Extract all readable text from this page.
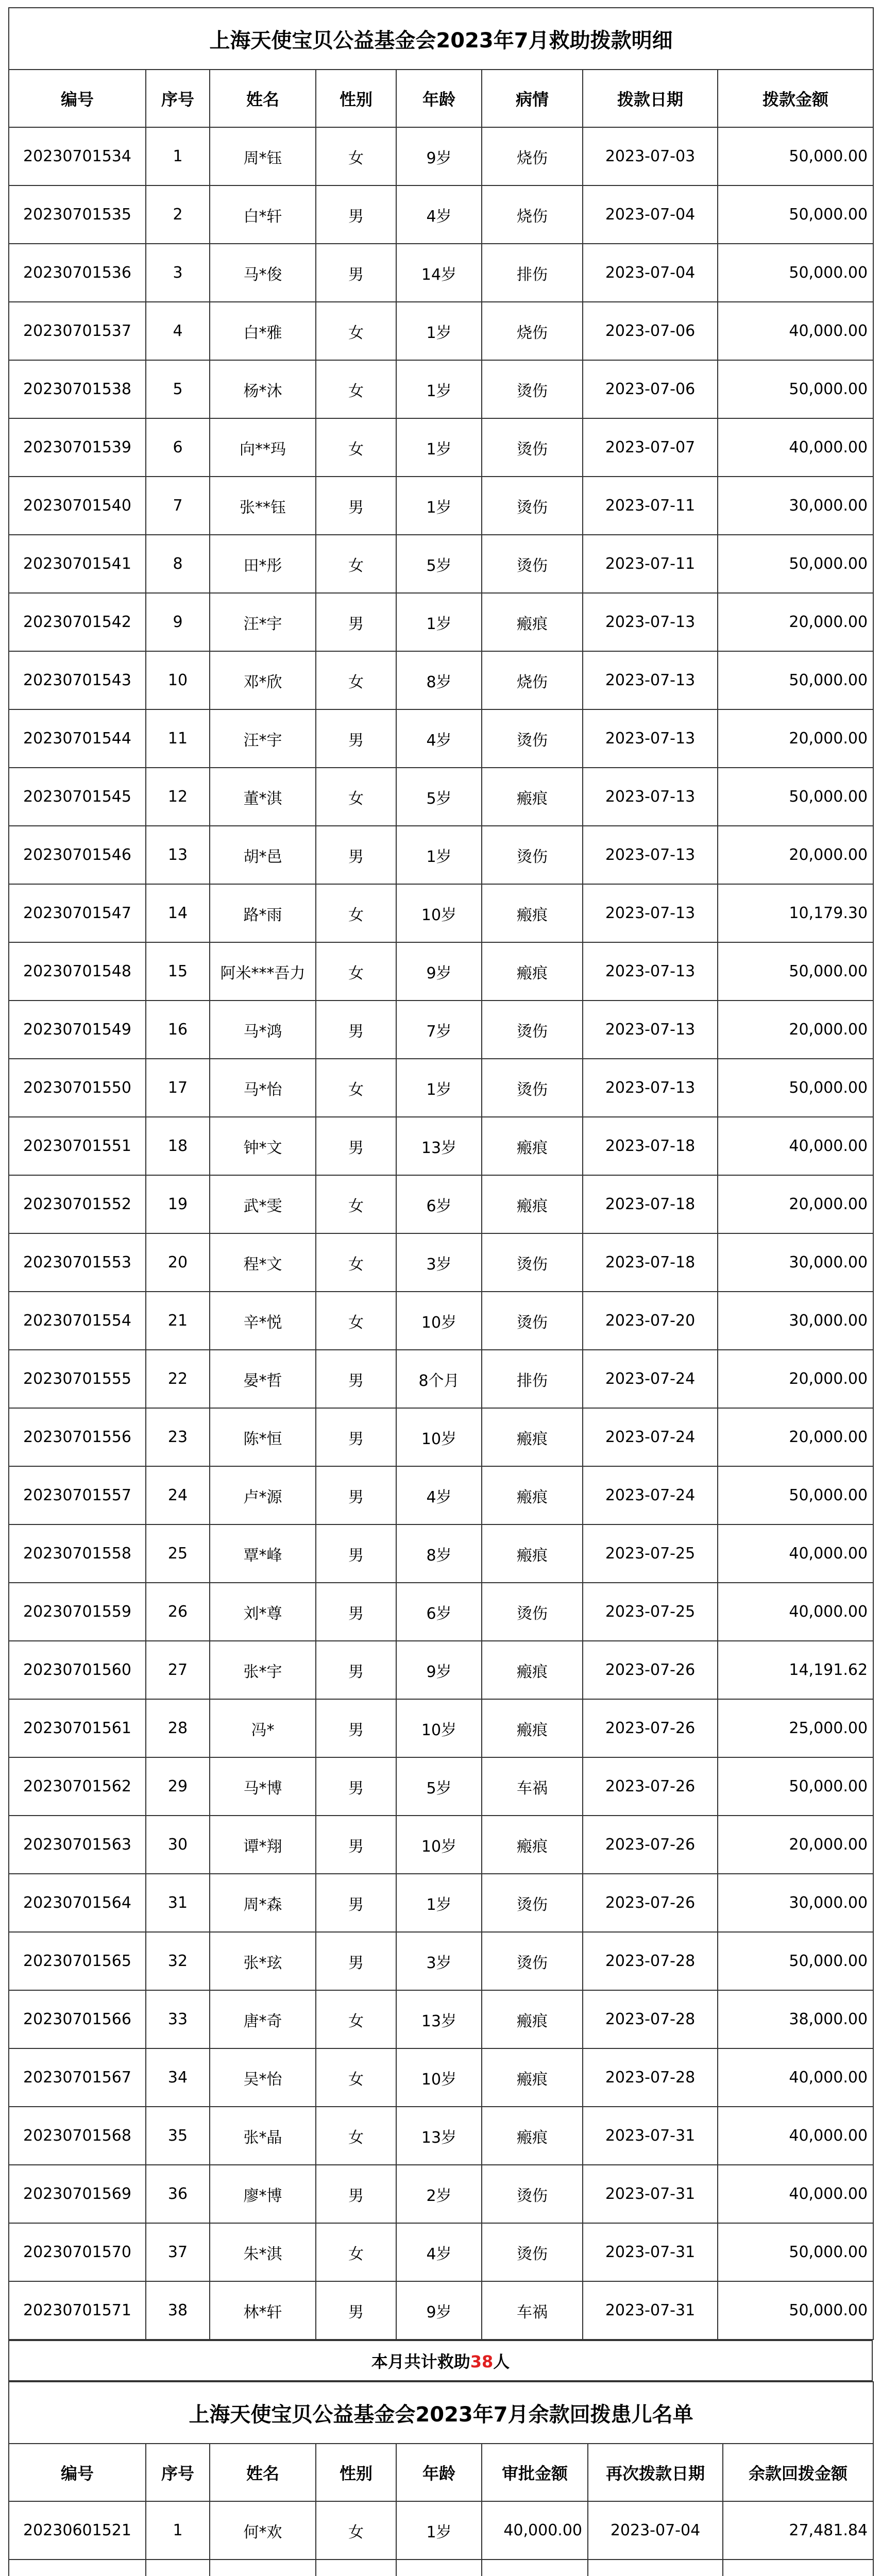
上海天使宝贝公益基金会2023年7月救助拨款明细							
编号	序号	姓名	性别	年龄	病情	拨款日期	拨款金额
20230701534	1	周*钰	女	9岁	烧伤	2023-07-03	50,000.00
20230701535	2	白*轩	男	4岁	烧伤	2023-07-04	50,000.00
20230701536	3	马*俊	男	14岁	排伤	2023-07-04	50,000.00
20230701537	4	白*雅	女	1岁	烧伤	2023-07-06	40,000.00
20230701538	5	杨*沐	女	1岁	烫伤	2023-07-06	50,000.00
20230701539	6	向**玛	女	1岁	烫伤	2023-07-07	40,000.00
20230701540	7	张**钰	男	1岁	烫伤	2023-07-11	30,000.00
20230701541	8	田*彤	女	5岁	烫伤	2023-07-11	50,000.00
20230701542	9	汪*宇	男	1岁	瘢痕	2023-07-13	20,000.00
20230701543	10	邓*欣	女	8岁	烧伤	2023-07-13	50,000.00
20230701544	11	汪*宇	男	4岁	烫伤	2023-07-13	20,000.00
20230701545	12	董*淇	女	5岁	瘢痕	2023-07-13	50,000.00
20230701546	13	胡*邑	男	1岁	烫伤	2023-07-13	20,000.00
20230701547	14	路*雨	女	10岁	瘢痕	2023-07-13	10,179.30
20230701548	15	阿米***吾力	女	9岁	瘢痕	2023-07-13	50,000.00
20230701549	16	马*鸿	男	7岁	烫伤	2023-07-13	20,000.00
20230701550	17	马*怡	女	1岁	烫伤	2023-07-13	50,000.00
20230701551	18	钟*文	男	13岁	瘢痕	2023-07-18	40,000.00
20230701552	19	武*雯	女	6岁	瘢痕	2023-07-18	20,000.00
20230701553	20	程*文	女	3岁	烫伤	2023-07-18	30,000.00
20230701554	21	辛*悦	女	10岁	烫伤	2023-07-20	30,000.00
20230701555	22	晏*哲	男	8个月	排伤	2023-07-24	20,000.00
20230701556	23	陈*恒	男	10岁	瘢痕	2023-07-24	20,000.00
20230701557	24	卢*源	男	4岁	瘢痕	2023-07-24	50,000.00
20230701558	25	覃*峰	男	8岁	瘢痕	2023-07-25	40,000.00
20230701559	26	刘*尊	男	6岁	烫伤	2023-07-25	40,000.00
20230701560	27	张*宇	男	9岁	瘢痕	2023-07-26	14,191.62
20230701561	28	冯*	男	10岁	瘢痕	2023-07-26	25,000.00
20230701562	29	马*博	男	5岁	车祸	2023-07-26	50,000.00
20230701563	30	谭*翔	男	10岁	瘢痕	2023-07-26	20,000.00
20230701564	31	周*森	男	1岁	烫伤	2023-07-26	30,000.00
20230701565	32	张*玹	男	3岁	烫伤	2023-07-28	50,000.00
20230701566	33	唐*奇	女	13岁	瘢痕	2023-07-28	38,000.00
20230701567	34	吴*怡	女	10岁	瘢痕	2023-07-28	40,000.00
20230701568	35	张*晶	女	13岁	瘢痕	2023-07-31	40,000.00
20230701569	36	廖*博	男	2岁	烫伤	2023-07-31	40,000.00
20230701570	37	朱*淇	女	4岁	烫伤	2023-07-31	50,000.00
20230701571	38	林*轩	男	9岁	车祸	2023-07-31	50,000.00
本月共计救助38人
上海天使宝贝公益基金会2023年7月余款回拨患儿名单							
编号	序号	姓名	性别	年龄	审批金额	再次拨款日期	余款回拨金额
20230601521	1	何*欢	女	1岁	40,000.00	2023-07-04	27,481.84
